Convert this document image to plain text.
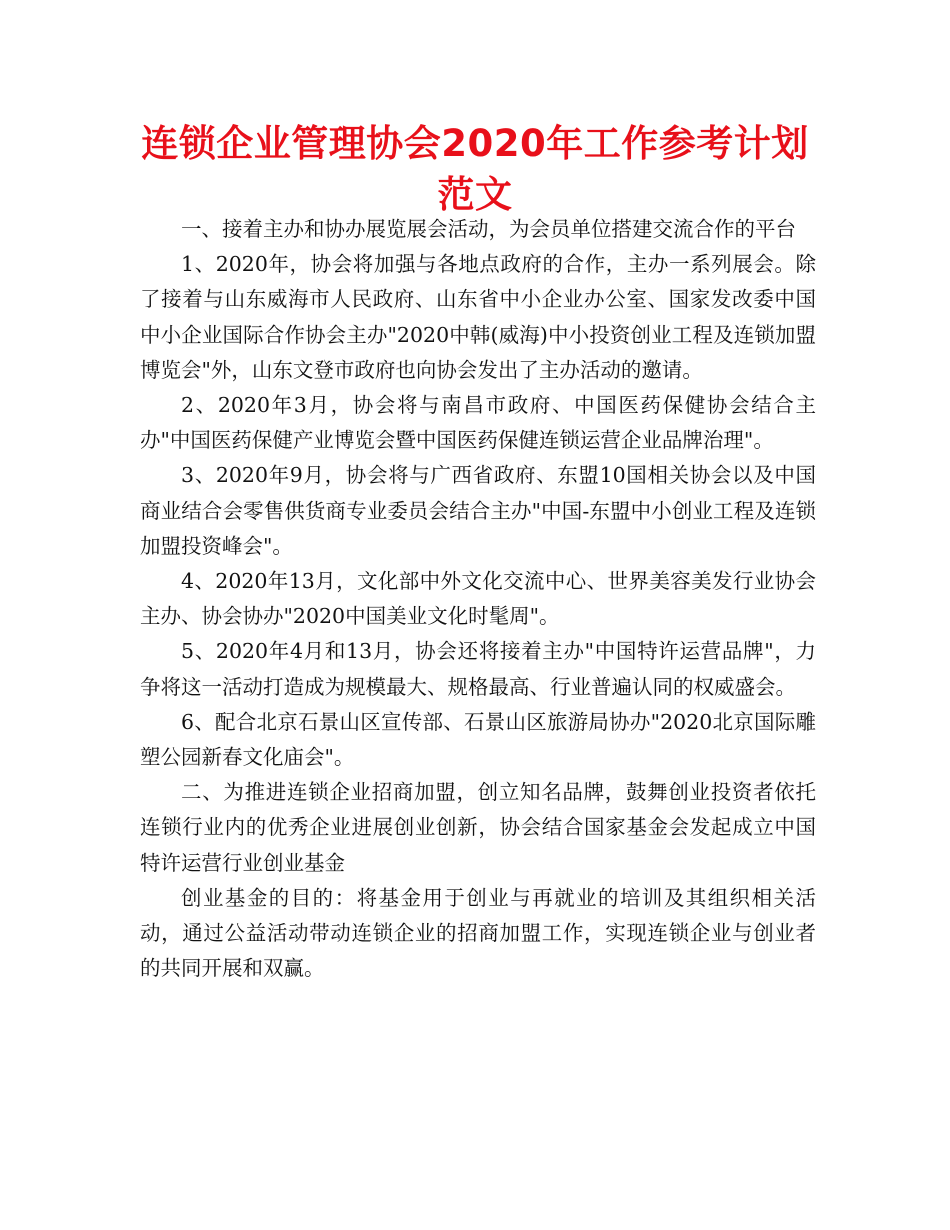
连锁企业管理协会2020年工作参考计划范文

一、接着主办和协办展览展会活动，为会员单位搭建交流合作的平台

1、2020年，协会将加强与各地点政府的合作，主办一系列展会。除了接着与山东威海市人民政府、山东省中小企业办公室、国家发改委中国中小企业国际合作协会主办"2020中韩(威海)中小投资创业工程及连锁加盟博览会"外，山东文登市政府也向协会发出了主办活动的邀请。

2、2020年3月，协会将与南昌市政府、中国医药保健协会结合主办"中国医药保健产业博览会暨中国医药保健连锁运营企业品牌治理"。

3、2020年9月，协会将与广西省政府、东盟10国相关协会以及中国商业结合会零售供货商专业委员会结合主办"中国-东盟中小创业工程及连锁加盟投资峰会"。

4、2020年13月，文化部中外文化交流中心、世界美容美发行业协会主办、协会协办"2020中国美业文化时髦周"。

5、2020年4月和13月，协会还将接着主办"中国特许运营品牌"，力争将这一活动打造成为规模最大、规格最高、行业普遍认同的权威盛会。

6、配合北京石景山区宣传部、石景山区旅游局协办"2020北京国际雕塑公园新春文化庙会"。

二、为推进连锁企业招商加盟，创立知名品牌，鼓舞创业投资者依托连锁行业内的优秀企业进展创业创新，协会结合国家基金会发起成立中国特许运营行业创业基金

创业基金的目的：将基金用于创业与再就业的培训及其组织相关活动，通过公益活动带动连锁企业的招商加盟工作，实现连锁企业与创业者的共同开展和双赢。
